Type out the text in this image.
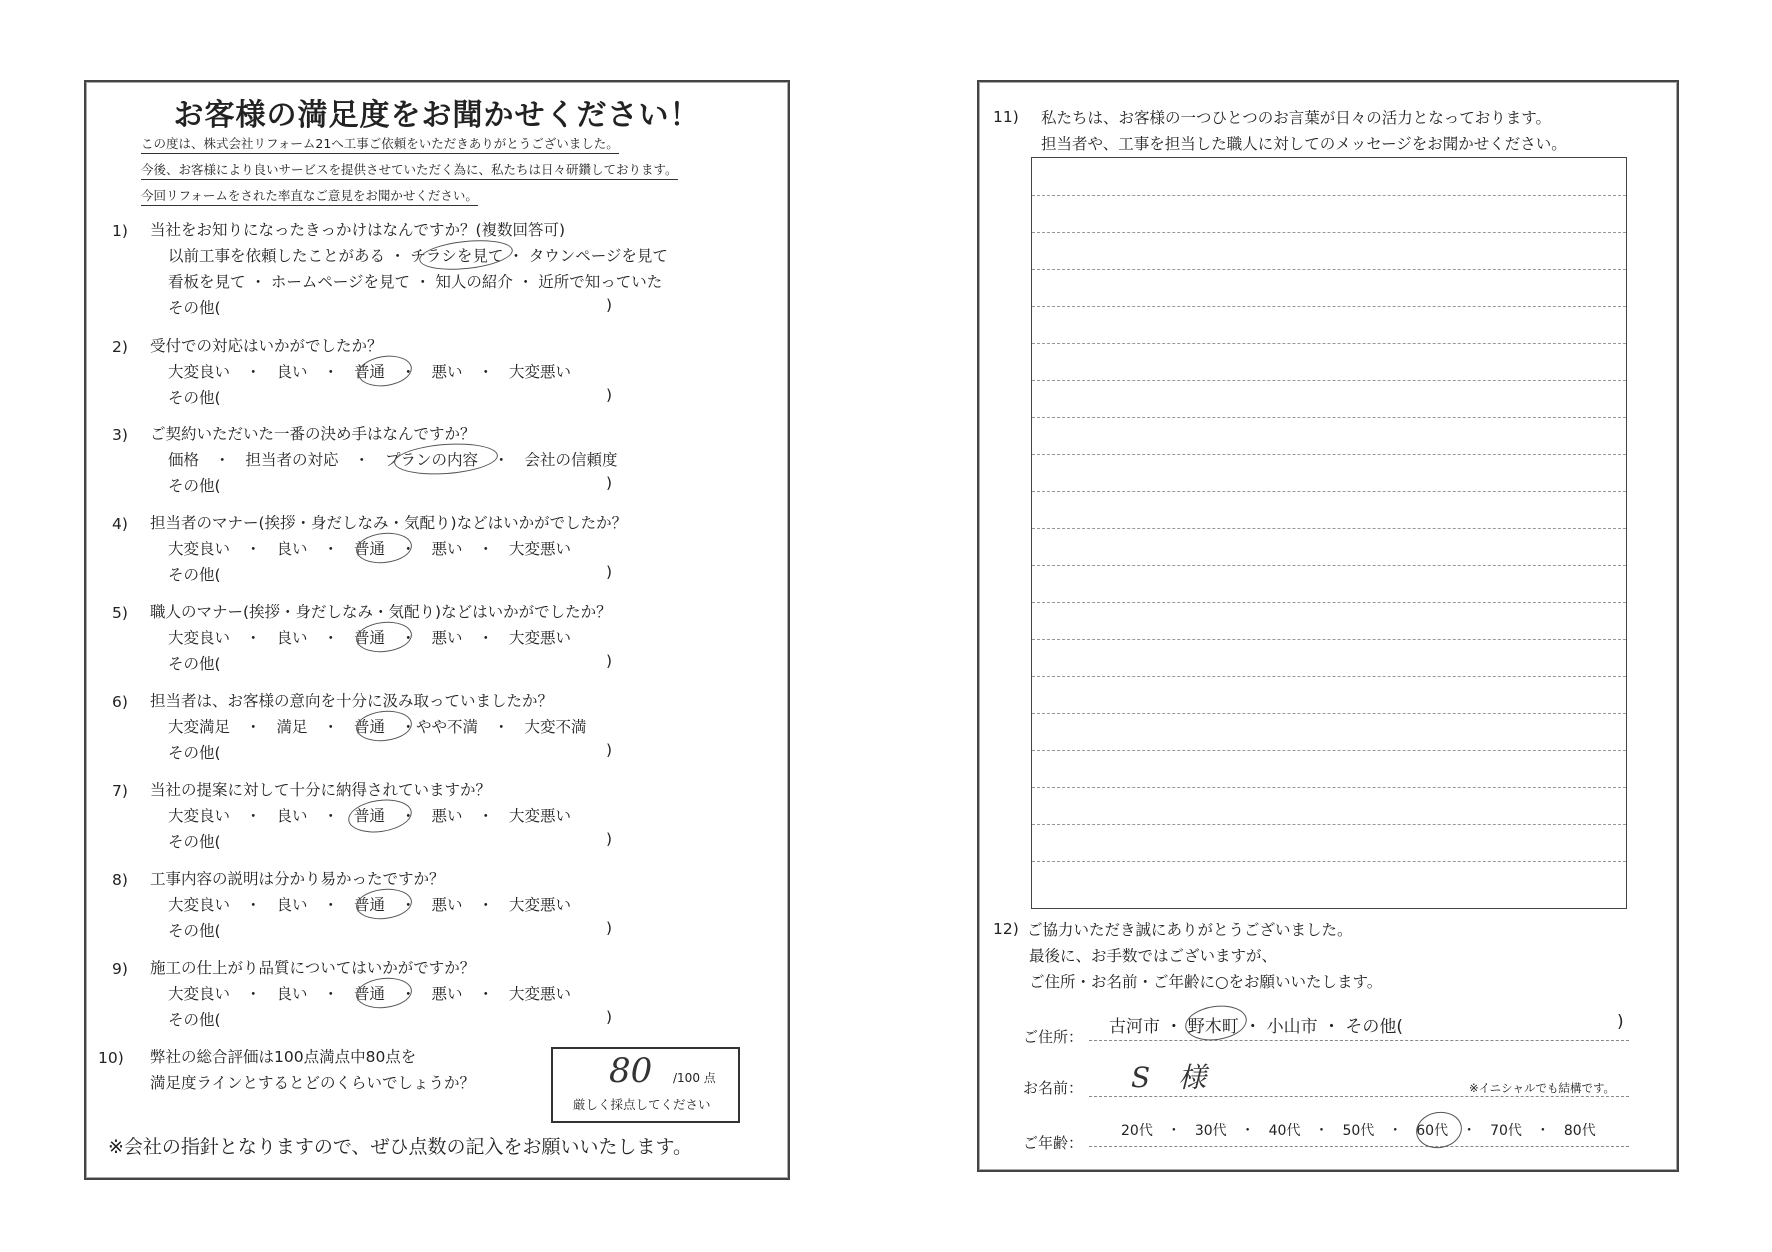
お客様の満足度をお聞かせください！
この度は、株式会社リフォーム21へ工事ご依頼をいただきありがとうございました。
今後、お客様により良いサービスを提供させていただく為に、私たちは日々研鑽しております。
今回リフォームをされた率直なご意見をお聞かせください。
1) 当社をお知りになったきっかけはなんですか？(複数回答可)
以前工事を依頼したことがある ・ チラシを見て ・ タウンページを見て
看板を見て ・ ホームページを見て ・ 知人の紹介 ・ 近所で知っていた
その他(	)
2) 受付での対応はいかがでしたか？
大変良い　・　良い　・　普通　・　悪い　・　大変悪い
その他(	)
3) ご契約いただいた一番の決め手はなんですか？
価格　・　担当者の対応　・　プランの内容　・　会社の信頼度
その他(	)
4) 担当者のマナー(挨拶・身だしなみ・気配り)などはいかがでしたか？
大変良い　・　良い　・　普通　・　悪い　・　大変悪い
その他(	)
5) 職人のマナー(挨拶・身だしなみ・気配り)などはいかがでしたか？
大変良い　・　良い　・　普通　・　悪い　・　大変悪い
その他(	)
6) 担当者は、お客様の意向を十分に汲み取っていましたか？
大変満足　・　満足　・　普通　・やや不満　・　大変不満
その他(	)
7) 当社の提案に対して十分に納得されていますか？
大変良い　・　良い　・　普通　・　悪い　・　大変悪い
その他(	)
8) 工事内容の説明は分かり易かったですか？
大変良い　・　良い　・　普通　・　悪い　・　大変悪い
その他(	)
9) 施工の仕上がり品質についてはいかがですか？
大変良い　・　良い　・　普通　・　悪い　・　大変悪い
その他(	)
10) 弊社の総合評価は100点満点中80点を
満足度ラインとするとどのくらいでしょうか？	80 /100 点
厳しく採点してください
※会社の指針となりますので、ぜひ点数の記入をお願いいたします。
11) 私たちは、お客様の一つひとつのお言葉が日々の活力となっております。
担当者や、工事を担当した職人に対してのメッセージをお聞かせください。
12) ご協力いただき誠にありがとうございました。
最後に、お手数ではございますが、
ご住所・お名前・ご年齢に○をお願いいたします。
ご住所： 古河市 ・ 野木町 ・ 小山市 ・ その他(	)
お名前： S　様	※イニシャルでも結構です。
ご年齢：
20代　・　30代　・　40代　・　50代　・　60代　・　70代　・　80代
